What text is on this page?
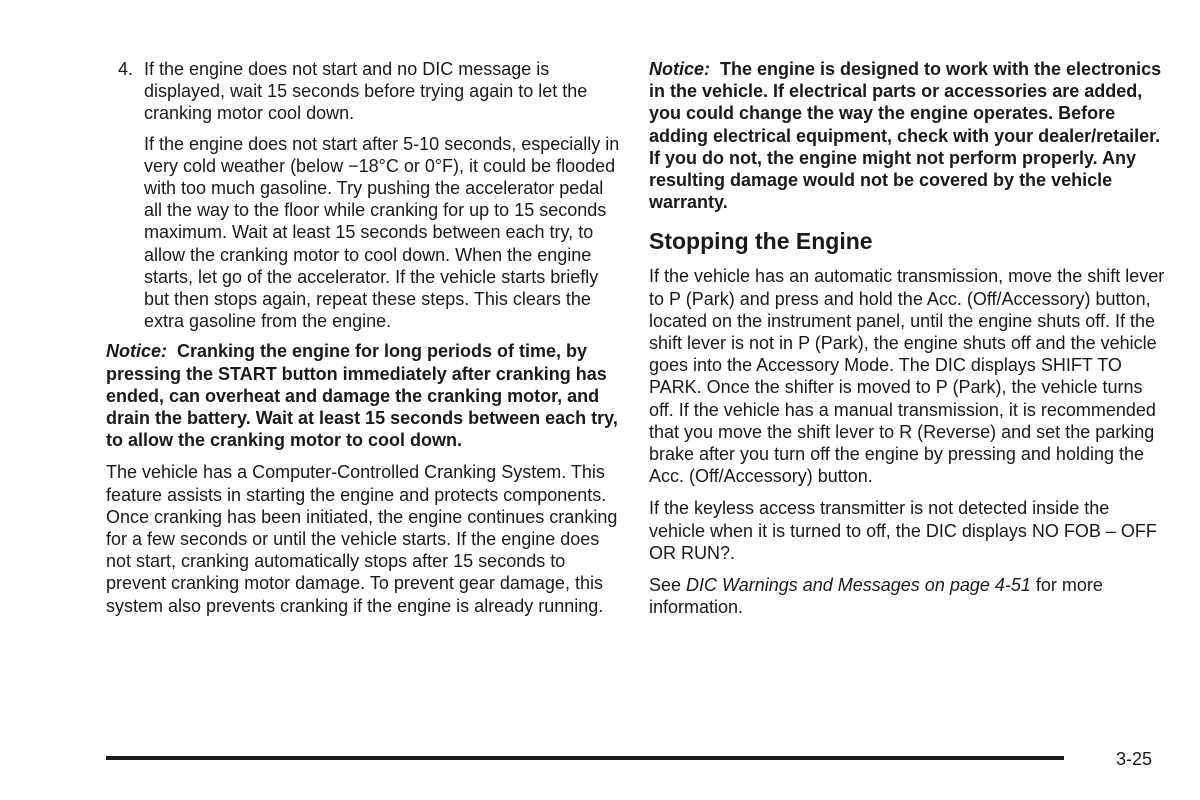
4. If the engine does not start and no DIC message is displayed, wait 15 seconds before trying again to let the cranking motor cool down.

If the engine does not start after 5-10 seconds, especially in very cold weather (below −18°C or 0°F), it could be flooded with too much gasoline. Try pushing the accelerator pedal all the way to the floor while cranking for up to 15 seconds maximum. Wait at least 15 seconds between each try, to allow the cranking motor to cool down. When the engine starts, let go of the accelerator. If the vehicle starts briefly but then stops again, repeat these steps. This clears the extra gasoline from the engine.

Notice: Cranking the engine for long periods of time, by pressing the START button immediately after cranking has ended, can overheat and damage the cranking motor, and drain the battery. Wait at least 15 seconds between each try, to allow the cranking motor to cool down.

The vehicle has a Computer-Controlled Cranking System. This feature assists in starting the engine and protects components. Once cranking has been initiated, the engine continues cranking for a few seconds or until the vehicle starts. If the engine does not start, cranking automatically stops after 15 seconds to prevent cranking motor damage. To prevent gear damage, this system also prevents cranking if the engine is already running.

Notice: The engine is designed to work with the electronics in the vehicle. If electrical parts or accessories are added, you could change the way the engine operates. Before adding electrical equipment, check with your dealer/retailer. If you do not, the engine might not perform properly. Any resulting damage would not be covered by the vehicle warranty.

Stopping the Engine

If the vehicle has an automatic transmission, move the shift lever to P (Park) and press and hold the Acc. (Off/Accessory) button, located on the instrument panel, until the engine shuts off. If the shift lever is not in P (Park), the engine shuts off and the vehicle goes into the Accessory Mode. The DIC displays SHIFT TO PARK. Once the shifter is moved to P (Park), the vehicle turns off. If the vehicle has a manual transmission, it is recommended that you move the shift lever to R (Reverse) and set the parking brake after you turn off the engine by pressing and holding the Acc. (Off/Accessory) button.

If the keyless access transmitter is not detected inside the vehicle when it is turned to off, the DIC displays NO FOB – OFF OR RUN?.

See DIC Warnings and Messages on page 4-51 for more information.

3-25
